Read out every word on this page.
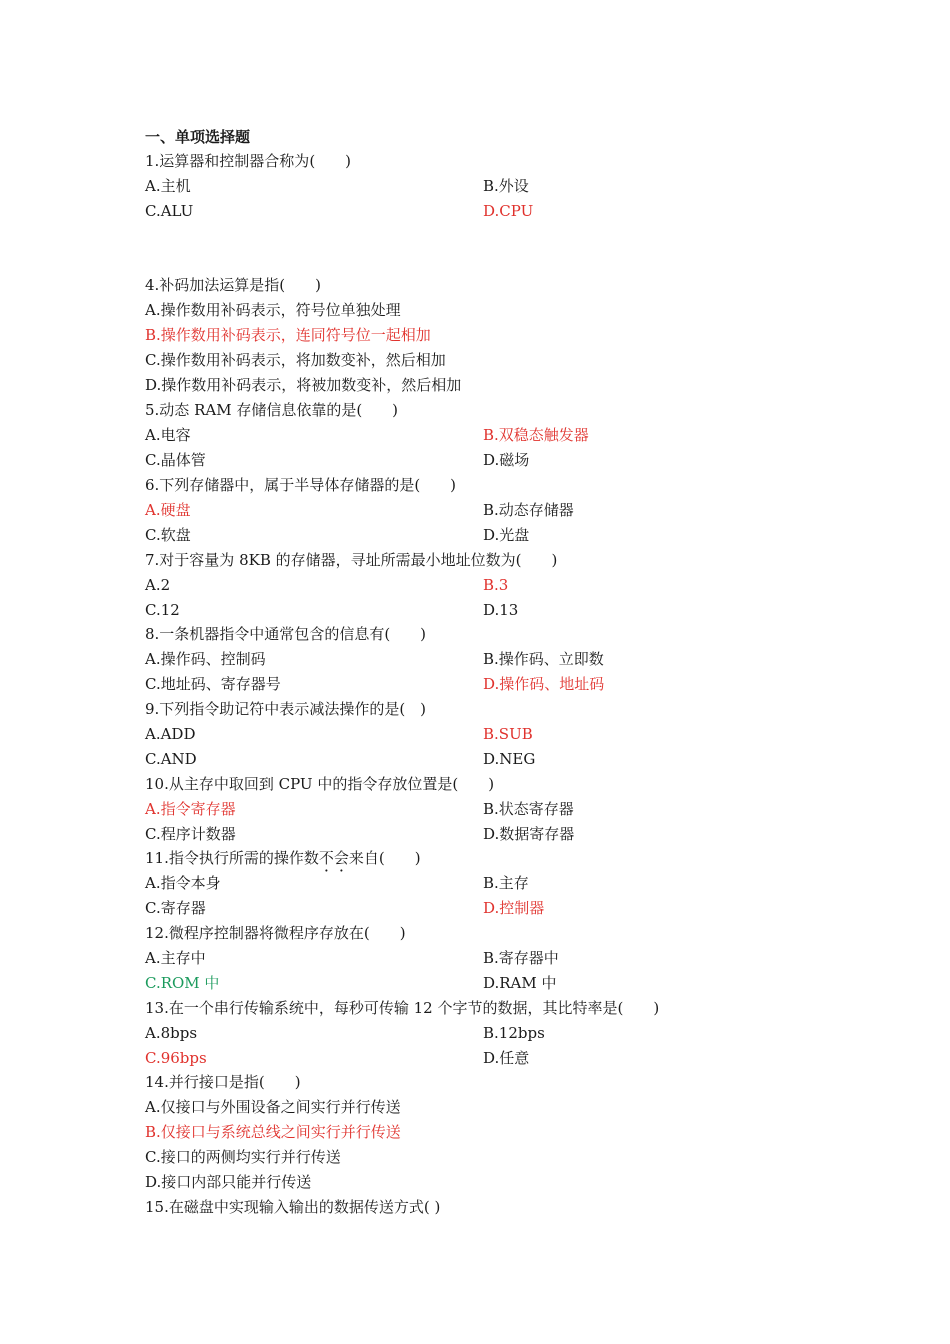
一、单项选择题
1.运算器和控制器合称为(　　)
A.主机	B.外设
C.ALU	D.CPU
4.补码加法运算是指(　　)
A.操作数用补码表示，符号位单独处理
B.操作数用补码表示，连同符号位一起相加
C.操作数用补码表示，将加数变补，然后相加
D.操作数用补码表示，将被加数变补，然后相加
5.动态 RAM 存储信息依靠的是(　　)
A.电容	B.双稳态触发器
C.晶体管	D.磁场
6.下列存储器中，属于半导体存储器的是(　　)
A.硬盘	B.动态存储器
C.软盘	D.光盘
7.对于容量为 8KB 的存储器，寻址所需最小地址位数为(　　)
A.2	B.3
C.12	D.13
8.一条机器指令中通常包含的信息有(　　)
A.操作码、控制码	B.操作码、立即数
C.地址码、寄存器号	D.操作码、地址码
9.下列指令助记符中表示减法操作的是(　)
A.ADD	B.SUB
C.AND	D.NEG
10.从主存中取回到 CPU 中的指令存放位置是(　　)
A.指令寄存器	B.状态寄存器
C.程序计数器	D.数据寄存器
11.指令执行所需的操作数不会来自(　　)
A.指令本身	B.主存
C.寄存器	D.控制器
12.微程序控制器将微程序存放在(　　)
A.主存中	B.寄存器中
C.ROM 中	D.RAM 中
13.在一个串行传输系统中，每秒可传输 12 个字节的数据，其比特率是(　　)
A.8bps	B.12bps
C.96bps	D.任意
14.并行接口是指(　　)
A.仅接口与外围设备之间实行并行传送
B.仅接口与系统总线之间实行并行传送
C.接口的两侧均实行并行传送
D.接口内部只能并行传送
15.在磁盘中实现输入输出的数据传送方式( )
